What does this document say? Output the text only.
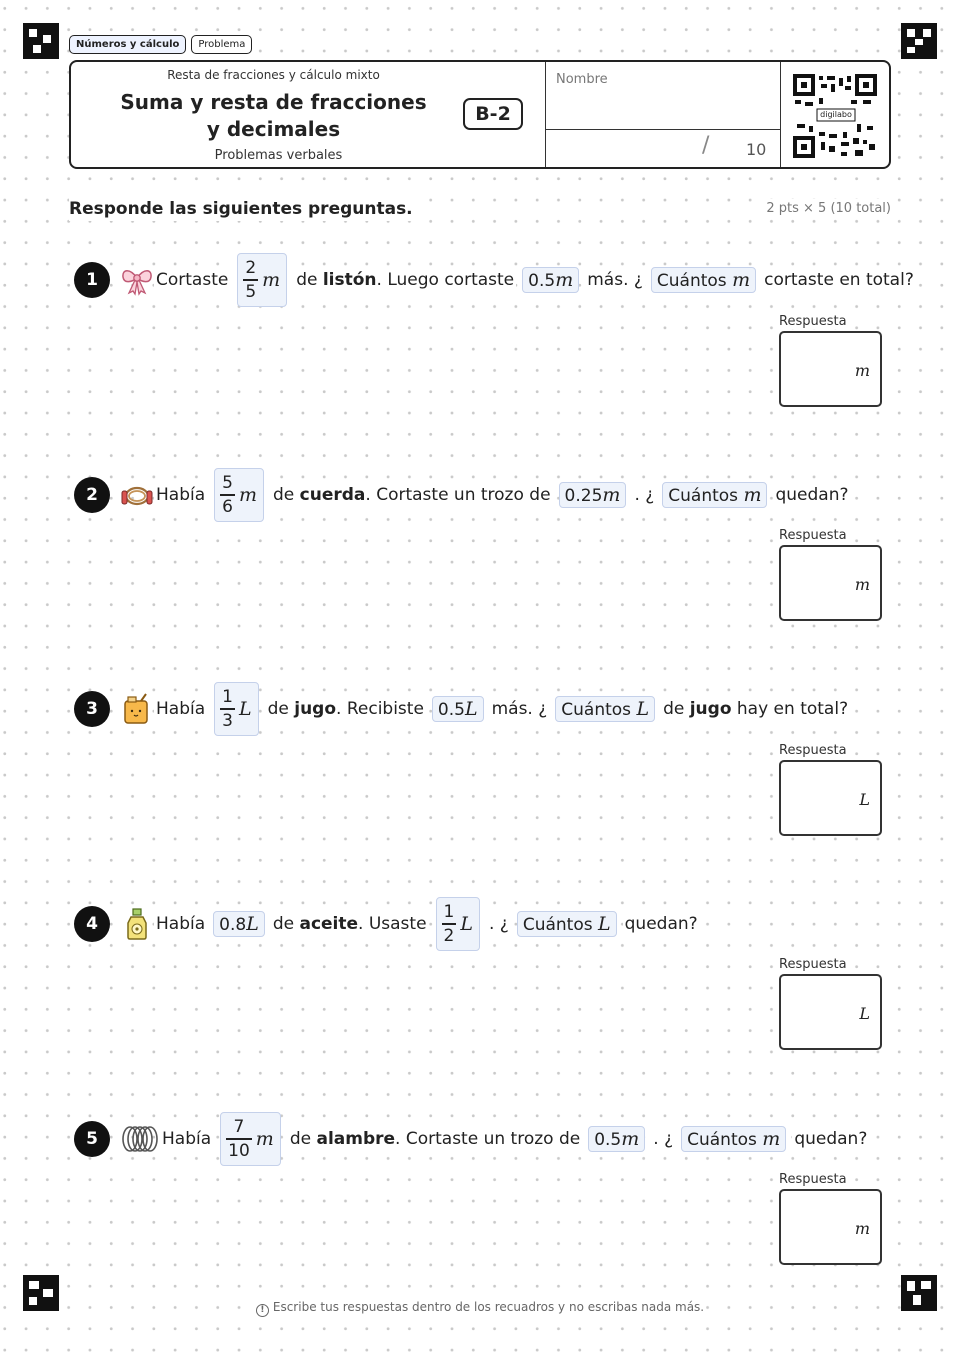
Números y cálculo	Problema
Resta de fracciones y cálculo mixto
Suma y resta de fracciones y decimales
Problemas verbales
B-2
Nombre
/ 10
digilabo
Responde las siguientes preguntas.	2 pts × 5 (10 total)
1	Cortaste $\frac{2}{5}$ m de listón. Luego cortaste 0.5 m más. ¿ Cuántos
m cortaste en total?
Respuesta
m
2	Había $\frac{5}{6}$ m de cuerda. Cortaste un trozo de 0.25 m . ¿ Cuántos
m quedan?
Respuesta
m
3	Había $\frac{1}{3}$ L de jugo. Recibiste 0.5 L más. ¿ Cuántos
L de jugo hay en total?
Respuesta
L
4	Había 0.8 L de aceite. Usaste $\frac{1}{2}$ L . ¿ Cuántos
L quedan?
Respuesta
L
5	Había $\frac{7}{10}$ m de alambre. Cortaste un trozo de 0.5 m . ¿ Cuántos
m quedan?
Respuesta
m
! Escribe tus respuestas dentro de los recuadros y no escribas nada más.
